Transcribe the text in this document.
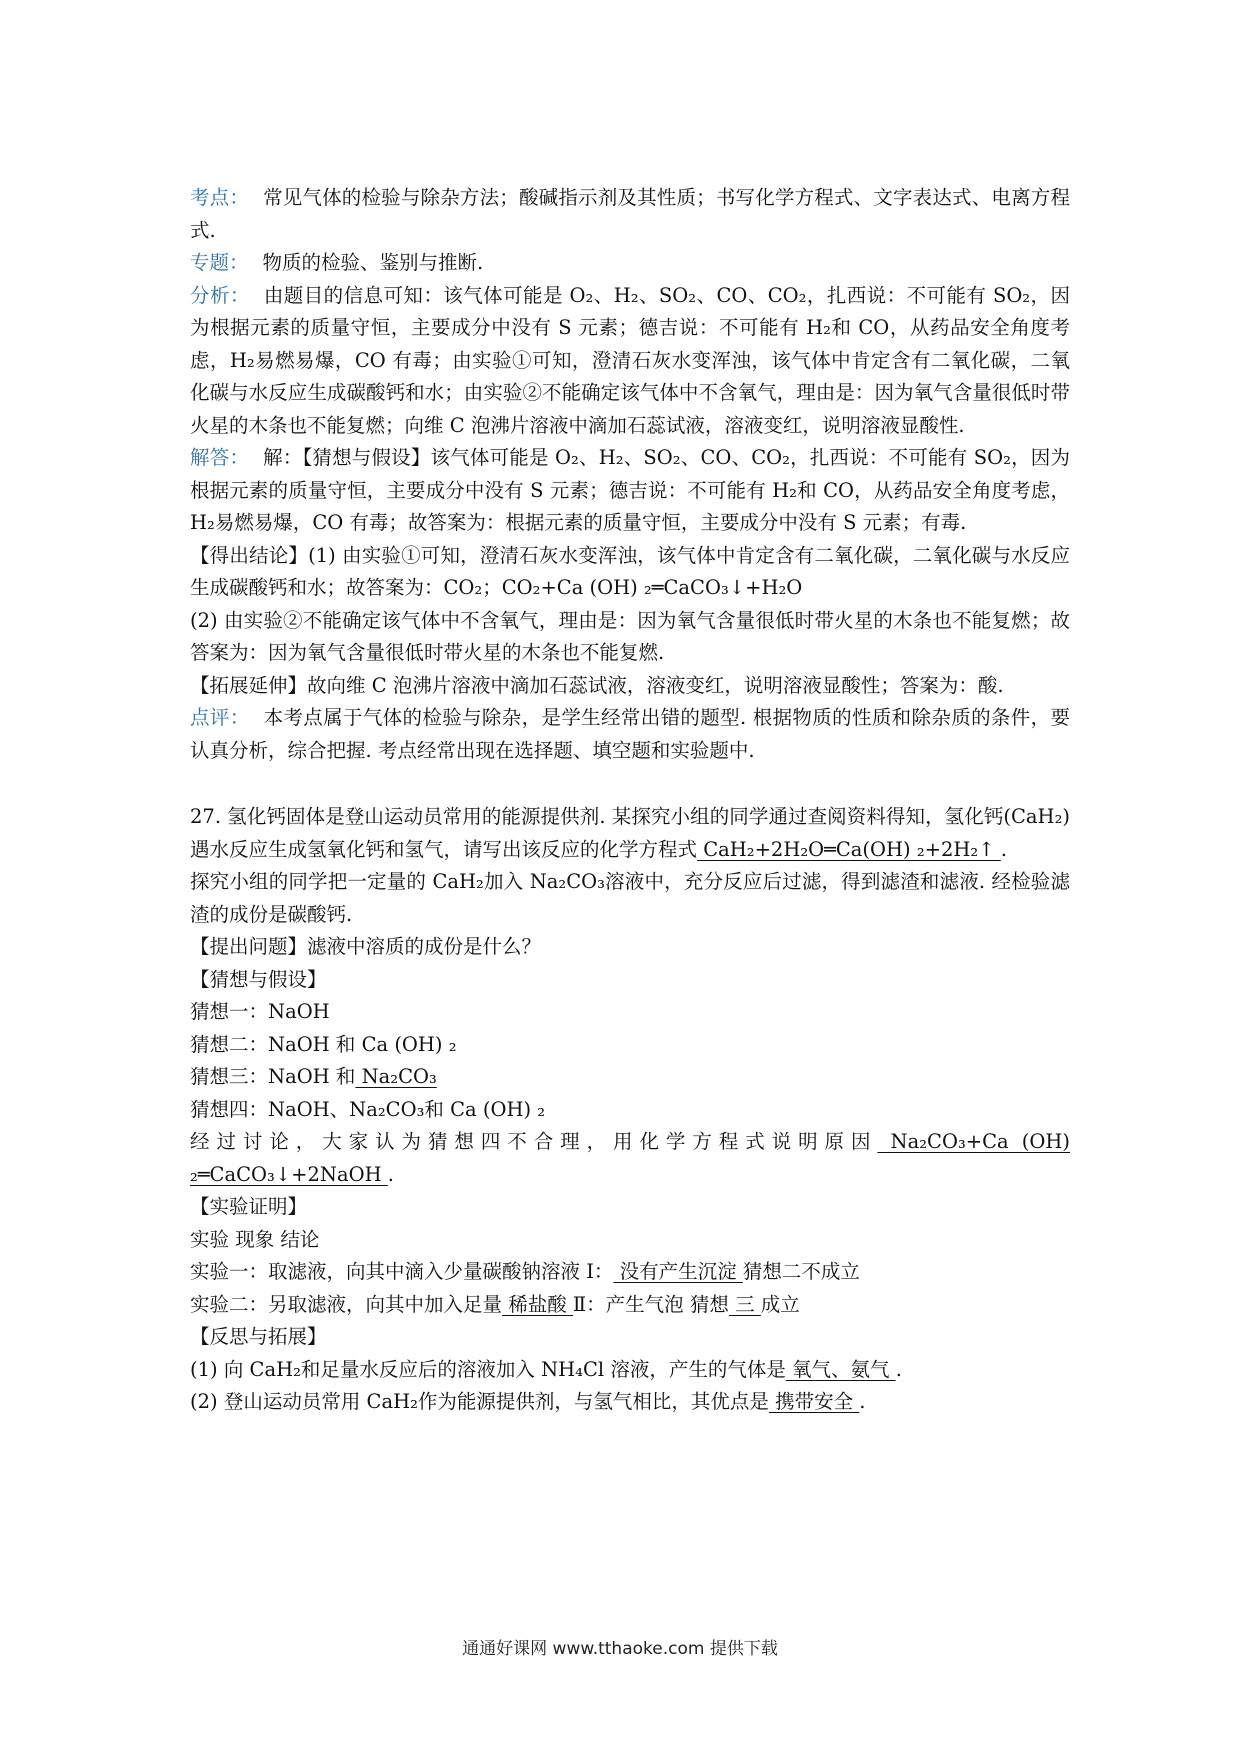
考点： 常见气体的检验与除杂方法；酸碱指示剂及其性质；书写化学方程式、文字表达式、电离方程式.

专题： 物质的检验、鉴别与推断.

分析： 由题目的信息可知：该气体可能是 O₂、H₂、SO₂、CO、CO₂，扎西说：不可能有 SO₂，因为根据元素的质量守恒，主要成分中没有 S 元素；德吉说：不可能有 H₂和 CO，从药品安全角度考虑，H₂易燃易爆，CO 有毒；由实验①可知，澄清石灰水变浑浊，该气体中肯定含有二氧化碳，二氧化碳与水反应生成碳酸钙和水；由实验②不能确定该气体中不含氧气，理由是：因为氧气含量很低时带火星的木条也不能复燃；向维 C 泡沸片溶液中滴加石蕊试液，溶液变红，说明溶液显酸性.

解答： 解：【猜想与假设】该气体可能是 O₂、H₂、SO₂、CO、CO₂，扎西说：不可能有 SO₂，因为根据元素的质量守恒，主要成分中没有 S 元素；德吉说：不可能有 H₂和 CO，从药品安全角度考虑，H₂易燃易爆，CO 有毒；故答案为：根据元素的质量守恒，主要成分中没有 S 元素；有毒.

【得出结论】(1) 由实验①可知，澄清石灰水变浑浊，该气体中肯定含有二氧化碳，二氧化碳与水反应生成碳酸钙和水；故答案为：CO₂；CO₂+Ca (OH) ₂═CaCO₃↓+H₂O

(2) 由实验②不能确定该气体中不含氧气，理由是：因为氧气含量很低时带火星的木条也不能复燃；故答案为：因为氧气含量很低时带火星的木条也不能复燃.

【拓展延伸】故向维 C 泡沸片溶液中滴加石蕊试液，溶液变红，说明溶液显酸性；答案为：酸.

点评： 本考点属于气体的检验与除杂，是学生经常出错的题型. 根据物质的性质和除杂质的条件，要认真分析，综合把握. 考点经常出现在选择题、填空题和实验题中.

27. 氢化钙固体是登山运动员常用的能源提供剂. 某探究小组的同学通过查阅资料得知，氢化钙(CaH₂)遇水反应生成氢氧化钙和氢气，请写出该反应的化学方程式 CaH₂+2H₂O═Ca(OH) ₂+2H₂↑ .

探究小组的同学把一定量的 CaH₂加入 Na₂CO₃溶液中，充分反应后过滤，得到滤渣和滤液. 经检验滤渣的成份是碳酸钙.

【提出问题】滤液中溶质的成份是什么？

【猜想与假设】

猜想一：NaOH

猜想二：NaOH 和 Ca (OH) ₂

猜想三：NaOH 和 Na₂CO₃

猜想四：NaOH、Na₂CO₃和 Ca (OH) ₂

经过讨论，大家认为猜想四不合理，用化学方程式说明原因 Na₂CO₃+Ca (OH) ₂═CaCO₃↓+2NaOH .

【实验证明】

实验 现象 结论

实验一：取滤液，向其中滴入少量碳酸钠溶液 Ⅰ： 没有产生沉淀 猜想二不成立

实验二：另取滤液，向其中加入足量 稀盐酸 Ⅱ：产生气泡 猜想 三 成立

【反思与拓展】

(1) 向 CaH₂和足量水反应后的溶液加入 NH₄Cl 溶液，产生的气体是 氧气、氨气 .

(2) 登山运动员常用 CaH₂作为能源提供剂，与氢气相比，其优点是 携带安全 .

通通好课网 www.tthaoke.com 提供下载
